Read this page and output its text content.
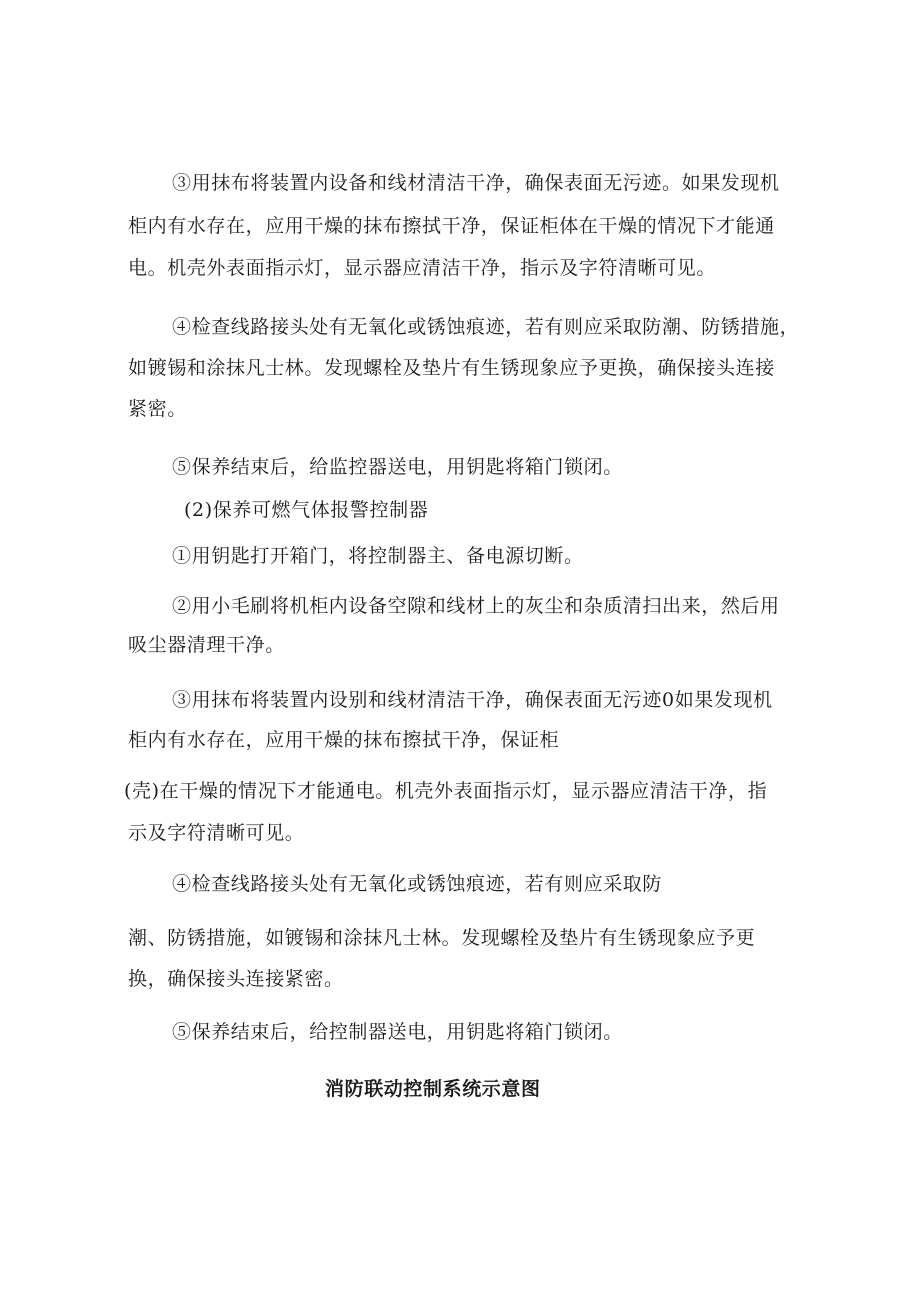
③用抹布将装置内设备和线材清洁干净，确保表面无污迹。如果发现机
柜内有水存在，应用干燥的抹布擦拭干净，保证柜体在干燥的情况下才能通
电。机壳外表面指示灯，显示器应清洁干净，指示及字符清晰可见。
④检查线路接头处有无氧化或锈蚀痕迹，若有则应采取防潮、防锈措施，
如镀锡和涂抹凡士林。发现螺栓及垫片有生锈现象应予更换，确保接头连接
紧密。
⑤保养结束后，给监控器送电，用钥匙将箱门锁闭。
(2)保养可燃气体报警控制器
①用钥匙打开箱门，将控制器主、备电源切断。
②用小毛刷将机柜内设备空隙和线材上的灰尘和杂质清扫出来，然后用
吸尘器清理干净。
③用抹布将装置内设别和线材清洁干净，确保表面无污迹0如果发现机
柜内有水存在，应用干燥的抹布擦拭干净，保证柜
(壳)在干燥的情况下才能通电。机壳外表面指示灯，显示器应清洁干净，指
示及字符清晰可见。
④检查线路接头处有无氧化或锈蚀痕迹，若有则应采取防
潮、防锈措施，如镀锡和涂抹凡士林。发现螺栓及垫片有生锈现象应予更
换，确保接头连接紧密。
⑤保养结束后，给控制器送电，用钥匙将箱门锁闭。
消防联动控制系统示意图
